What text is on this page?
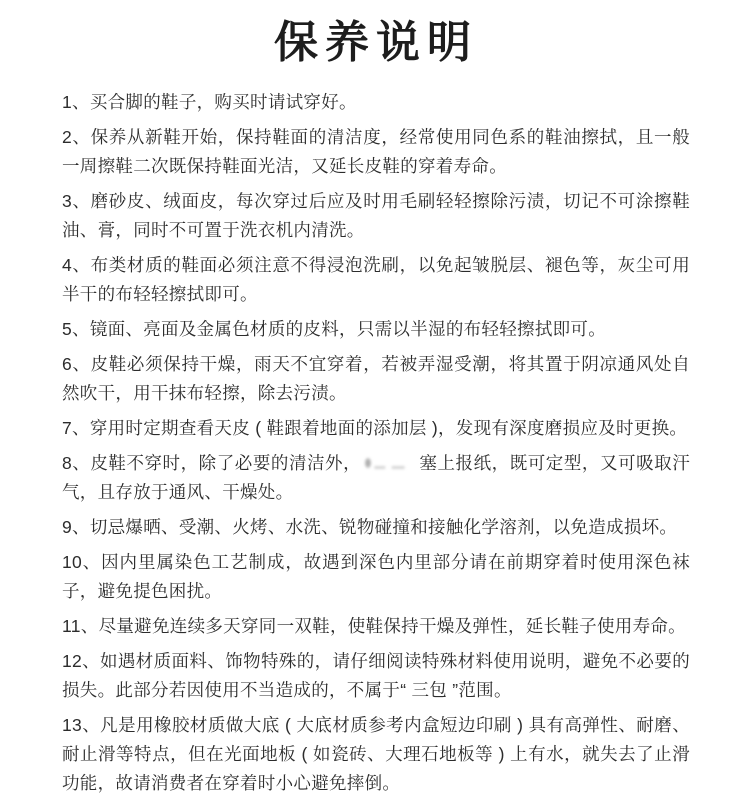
保养说明

1、买合脚的鞋子，购买时请试穿好。

2、保养从新鞋开始，保持鞋面的清洁度，经常使用同色系的鞋油擦拭，且一般一周擦鞋二次既保持鞋面光洁，又延长皮鞋的穿着寿命。

3、磨砂皮、绒面皮，每次穿过后应及时用毛刷轻轻擦除污渍，切记不可涂擦鞋油、膏，同时不可置于洗衣机内清洗。

4、布类材质的鞋面必须注意不得浸泡洗刷，以免起皱脱层、褪色等，灰尘可用半干的布轻轻擦拭即可。

5、镜面、亮面及金属色材质的皮料，只需以半湿的布轻轻擦拭即可。

6、皮鞋必须保持干燥，雨天不宜穿着，若被弄湿受潮，将其置于阴凉通风处自然吹干，用干抹布轻擦，除去污渍。

7、穿用时定期查看天皮 ( 鞋跟着地面的添加层 )，发现有深度磨损应及时更换。

8、皮鞋不穿时，除了必要的清洁外，	塞上报纸，既可定型，又可吸取汗气，且存放于通风、干燥处。

9、切忌爆晒、受潮、火烤、水洗、锐物碰撞和接触化学溶剂，以免造成损坏。

10、因内里属染色工艺制成，故遇到深色内里部分请在前期穿着时使用深色袜子，避免提色困扰。

11、尽量避免连续多天穿同一双鞋，使鞋保持干燥及弹性，延长鞋子使用寿命。

12、如遇材质面料、饰物特殊的，请仔细阅读特殊材料使用说明，避免不必要的损失。此部分若因使用不当造成的，不属于“ 三包 ”范围。

13、凡是用橡胶材质做大底 ( 大底材质参考内盒短边印刷 ) 具有高弹性、耐磨、耐止滑等特点，但在光面地板 ( 如瓷砖、大理石地板等 ) 上有水，就失去了止滑功能，故请消费者在穿着时小心避免摔倒。
